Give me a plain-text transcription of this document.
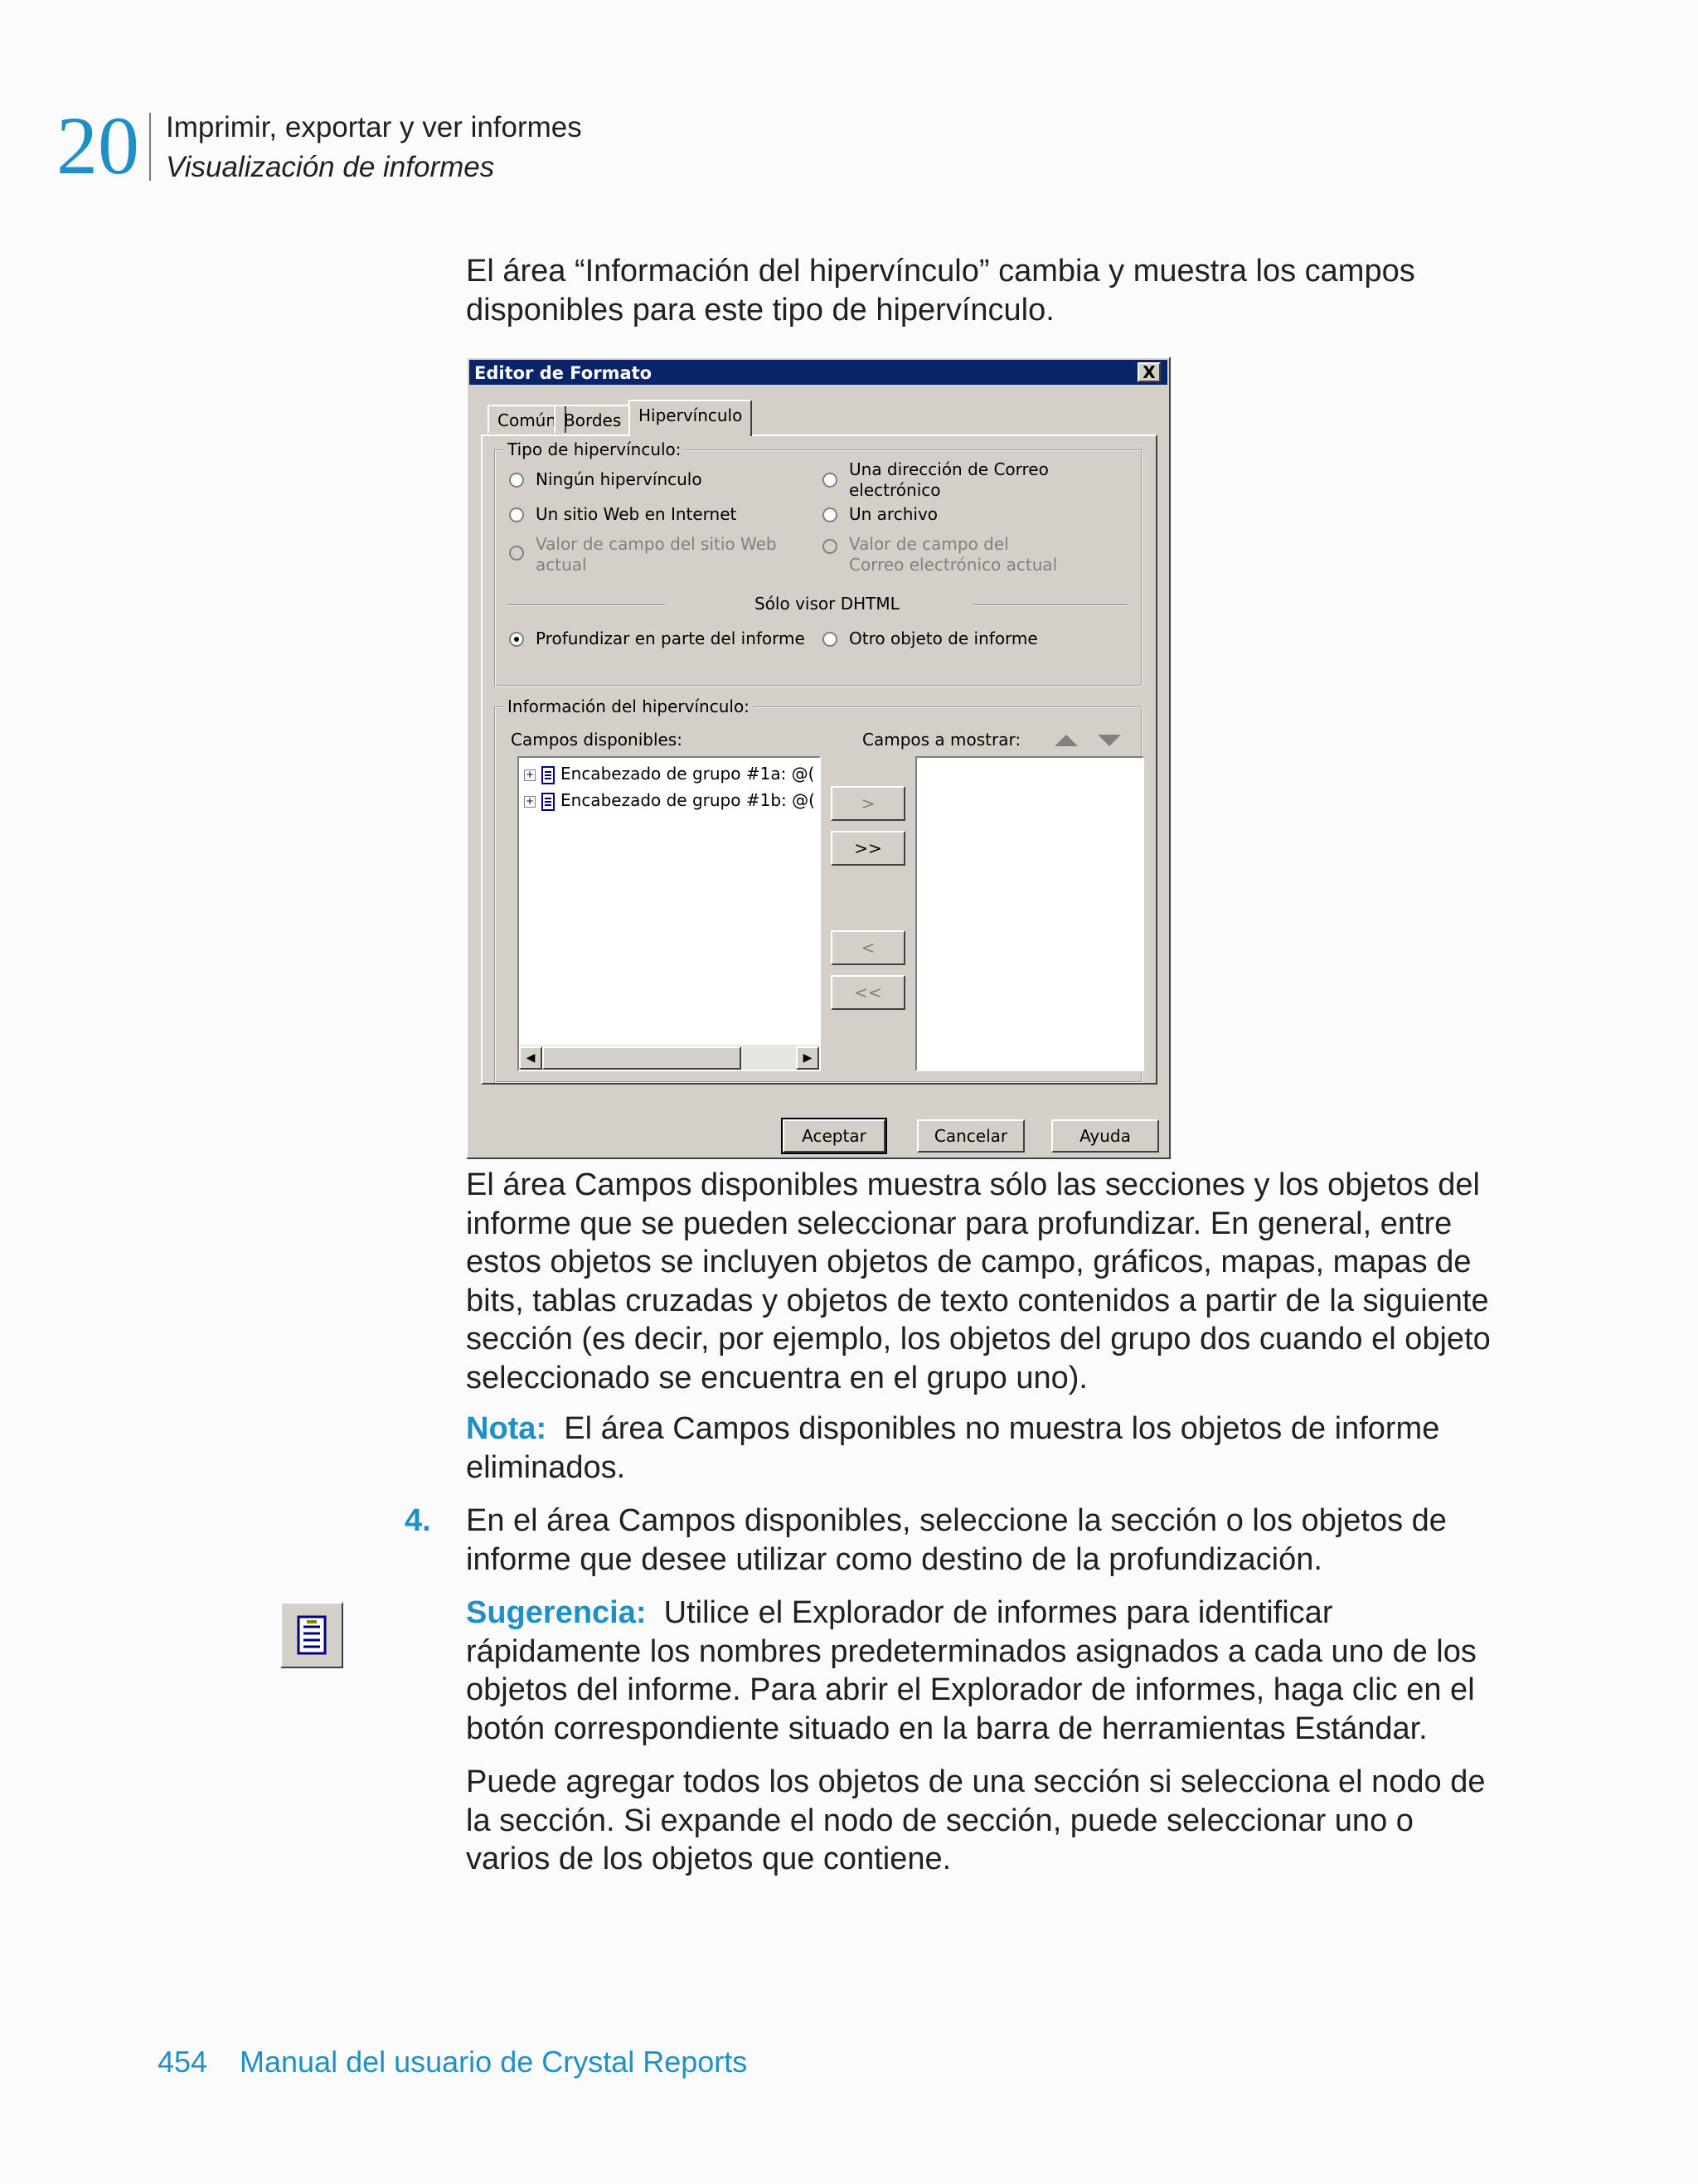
20 Imprimir, exportar y ver informes
Visualización de informes
El área “Información del hipervínculo” cambia y muestra los campos disponibles para este tipo de hipervínculo.
Editor de Formato	X
Común Bordes	Hipervínculo
Tipo de hipervínculo:
Ningún hipervínculo	Una dirección de Correo electrónico
Un sitio Web en Internet	Un archivo
Valor de campo del sitio Web actual
Valor de campo del Correo electrónico actual
Sólo visor DHTML
Profundizar en parte del informe	Otro objeto de informe
Información del hipervínculo:
Campos disponibles:	Campos a mostrar:
+ Encabezado de grupo #1a: @(
+ Encabezado de grupo #1b: @(
◀	▶
>
>>
<
<<
Aceptar	Cancelar	Ayuda
El área Campos disponibles muestra sólo las secciones y los objetos del informe que se pueden seleccionar para profundizar. En general, entre estos objetos se incluyen objetos de campo, gráficos, mapas, mapas de bits, tablas cruzadas y objetos de texto contenidos a partir de la siguiente sección (es decir, por ejemplo, los objetos del grupo dos cuando el objeto seleccionado se encuentra en el grupo uno).
Nota: El área Campos disponibles no muestra los objetos de informe eliminados.
4. En el área Campos disponibles, seleccione la sección o los objetos de informe que desee utilizar como destino de la profundización.
Sugerencia: Utilice el Explorador de informes para identificar rápidamente los nombres predeterminados asignados a cada uno de los objetos del informe. Para abrir el Explorador de informes, haga clic en el botón correspondiente situado en la barra de herramientas Estándar.
Puede agregar todos los objetos de una sección si selecciona el nodo de la sección. Si expande el nodo de sección, puede seleccionar uno o varios de los objetos que contiene.
454 Manual del usuario de Crystal Reports
